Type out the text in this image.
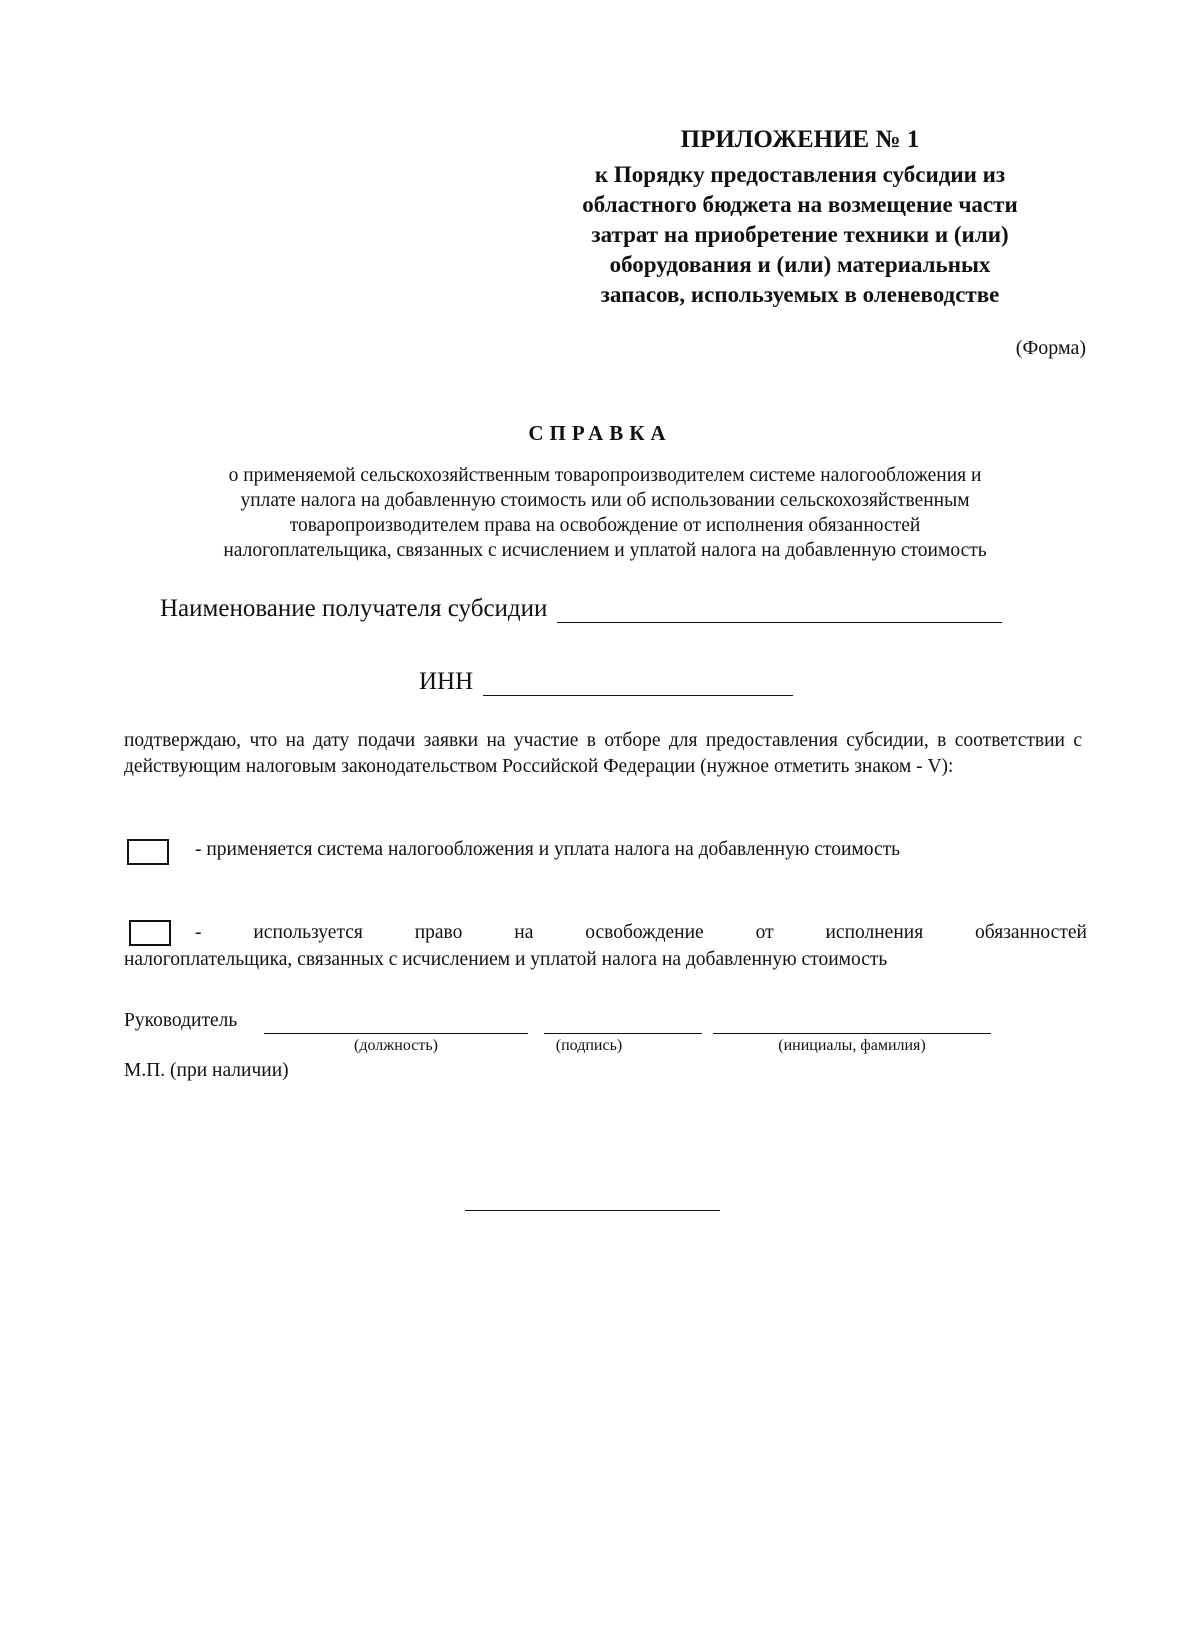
ПРИЛОЖЕНИЕ № 1
к Порядку предоставления субсидии из
областного бюджета на возмещение части
затрат на приобретение техники и (или)
оборудования и (или) материальных
запасов, используемых в оленеводстве
(Форма)
СПРАВКА
о применяемой сельскохозяйственным товаропроизводителем системе налогообложения и
уплате налога на добавленную стоимость или об использовании сельскохозяйственным
товаропроизводителем права на освобождение от исполнения обязанностей
налогоплательщика, связанных с исчислением и уплатой налога на добавленную стоимость
Наименование получателя субсидии
ИНН
подтверждаю, что на дату подачи заявки на участие в отборе для предоставления субсидии, в соответствии с действующим налоговым законодательством Российской Федерации (нужное отметить знаком - V):
- применяется система налогообложения и уплата налога на добавленную стоимость
-	используется	право	на	освобождение	от	исполнения	обязанностей
налогоплательщика, связанных с исчислением и уплатой налога на добавленную стоимость
Руководитель
(должность)	(подпись)	(инициалы, фамилия)
М.П. (при наличии)
